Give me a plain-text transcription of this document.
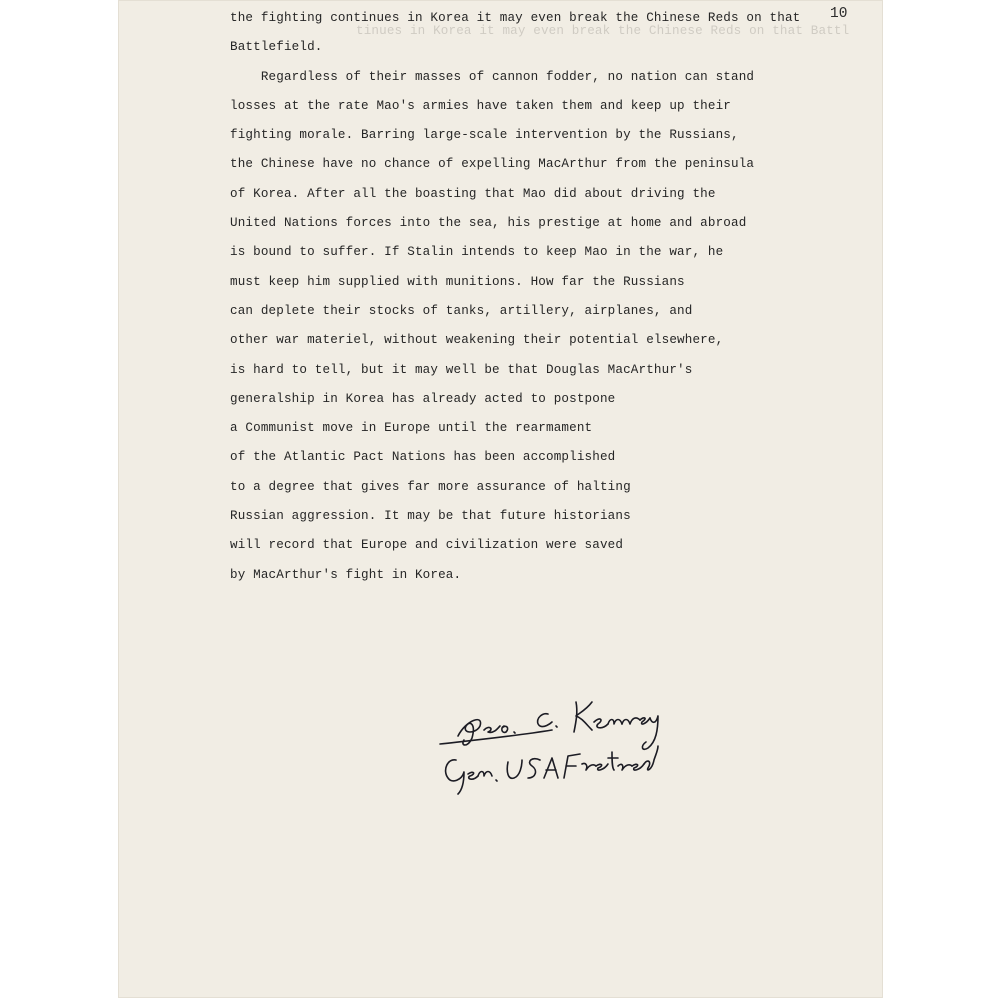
10
tinues in Korea it may even break the Chinese Reds on that Battl
the fighting continues in Korea it may even break the Chinese Reds on that
Battlefield.
Regardless of their masses of cannon fodder, no nation can stand
losses at the rate Mao's armies have taken them and keep up their
fighting morale. Barring large-scale intervention by the Russians,
the Chinese have no chance of expelling MacArthur from the peninsula
of Korea. After all the boasting that Mao did about driving the
United Nations forces into the sea, his prestige at home and abroad
is bound to suffer. If Stalin intends to keep Mao in the war, he
must keep him supplied with munitions. How far the Russians
can deplete their stocks of tanks, artillery, airplanes, and
other war materiel, without weakening their potential elsewhere,
is hard to tell, but it may well be that Douglas MacArthur's
generalship in Korea has already acted to postpone
a Communist move in Europe until the rearmament
of the Atlantic Pact Nations has been accomplished
to a degree that gives far more assurance of halting
Russian aggression. It may be that future historians
will record that Europe and civilization were saved
by MacArthur's fight in Korea.
